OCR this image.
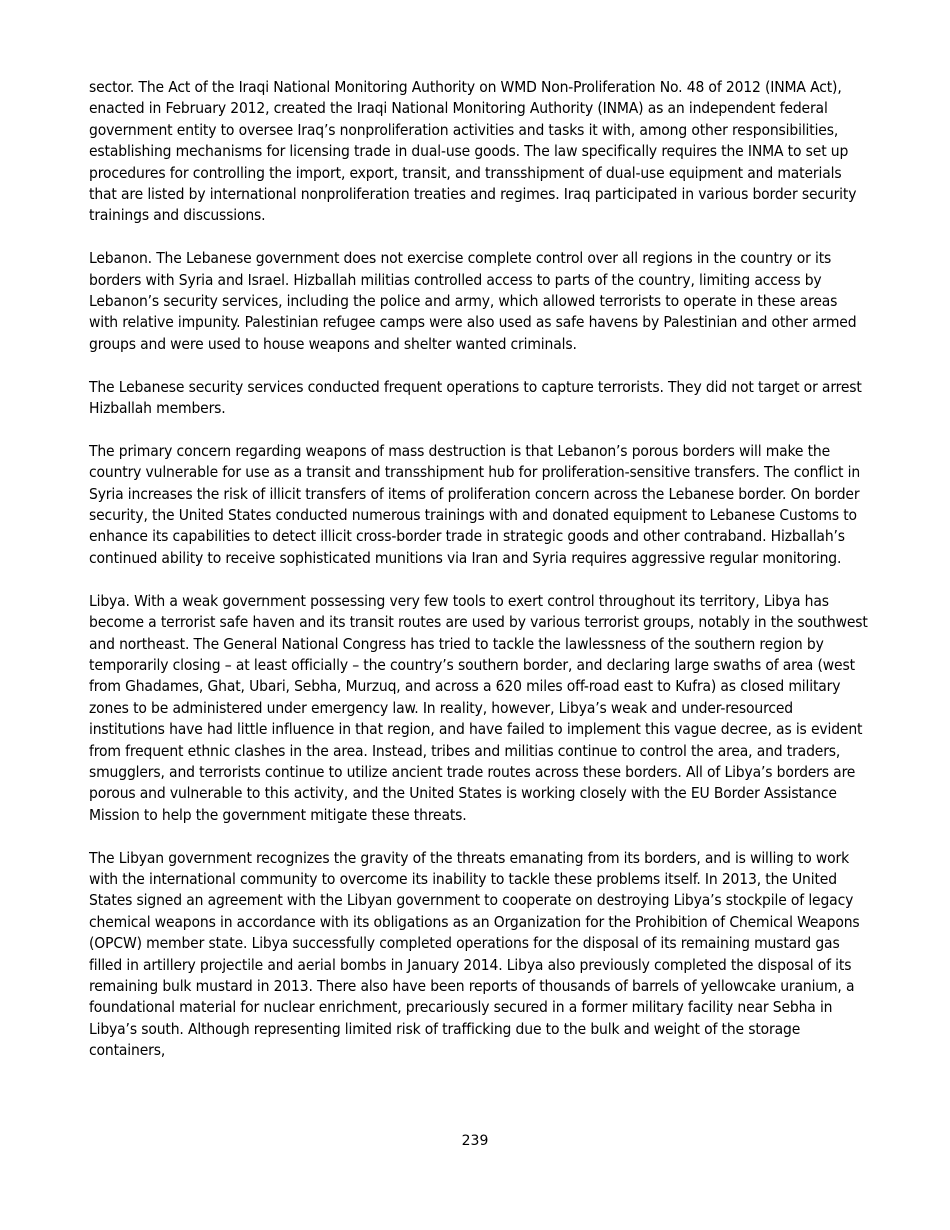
sector. The Act of the Iraqi National Monitoring Authority on WMD Non-Proliferation No. 48 of 2012 (INMA Act), enacted in February 2012, created the Iraqi National Monitoring Authority (INMA) as an independent federal government entity to oversee Iraq’s nonproliferation activities and tasks it with, among other responsibilities, establishing mechanisms for licensing trade in dual-use goods. The law specifically requires the INMA to set up procedures for controlling the import, export, transit, and transshipment of dual-use equipment and materials that are listed by international nonproliferation treaties and regimes. Iraq participated in various border security trainings and discussions.

Lebanon. The Lebanese government does not exercise complete control over all regions in the country or its borders with Syria and Israel. Hizballah militias controlled access to parts of the country, limiting access by Lebanon’s security services, including the police and army, which allowed terrorists to operate in these areas with relative impunity. Palestinian refugee camps were also used as safe havens by Palestinian and other armed groups and were used to house weapons and shelter wanted criminals.

The Lebanese security services conducted frequent operations to capture terrorists. They did not target or arrest Hizballah members.

The primary concern regarding weapons of mass destruction is that Lebanon’s porous borders will make the country vulnerable for use as a transit and transshipment hub for proliferation-sensitive transfers. The conflict in Syria increases the risk of illicit transfers of items of proliferation concern across the Lebanese border. On border security, the United States conducted numerous trainings with and donated equipment to Lebanese Customs to enhance its capabilities to detect illicit cross-border trade in strategic goods and other contraband. Hizballah’s continued ability to receive sophisticated munitions via Iran and Syria requires aggressive regular monitoring.

Libya. With a weak government possessing very few tools to exert control throughout its territory, Libya has become a terrorist safe haven and its transit routes are used by various terrorist groups, notably in the southwest and northeast. The General National Congress has tried to tackle the lawlessness of the southern region by temporarily closing – at least officially – the country’s southern border, and declaring large swaths of area (west from Ghadames, Ghat, Ubari, Sebha, Murzuq, and across a 620 miles off-road east to Kufra) as closed military zones to be administered under emergency law. In reality, however, Libya’s weak and under-resourced institutions have had little influence in that region, and have failed to implement this vague decree, as is evident from frequent ethnic clashes in the area. Instead, tribes and militias continue to control the area, and traders, smugglers, and terrorists continue to utilize ancient trade routes across these borders. All of Libya’s borders are porous and vulnerable to this activity, and the United States is working closely with the EU Border Assistance Mission to help the government mitigate these threats.

The Libyan government recognizes the gravity of the threats emanating from its borders, and is willing to work with the international community to overcome its inability to tackle these problems itself. In 2013, the United States signed an agreement with the Libyan government to cooperate on destroying Libya’s stockpile of legacy chemical weapons in accordance with its obligations as an Organization for the Prohibition of Chemical Weapons (OPCW) member state. Libya successfully completed operations for the disposal of its remaining mustard gas filled in artillery projectile and aerial bombs in January 2014. Libya also previously completed the disposal of its remaining bulk mustard in 2013. There also have been reports of thousands of barrels of yellowcake uranium, a foundational material for nuclear enrichment, precariously secured in a former military facility near Sebha in Libya’s south. Although representing limited risk of trafficking due to the bulk and weight of the storage containers,

239
